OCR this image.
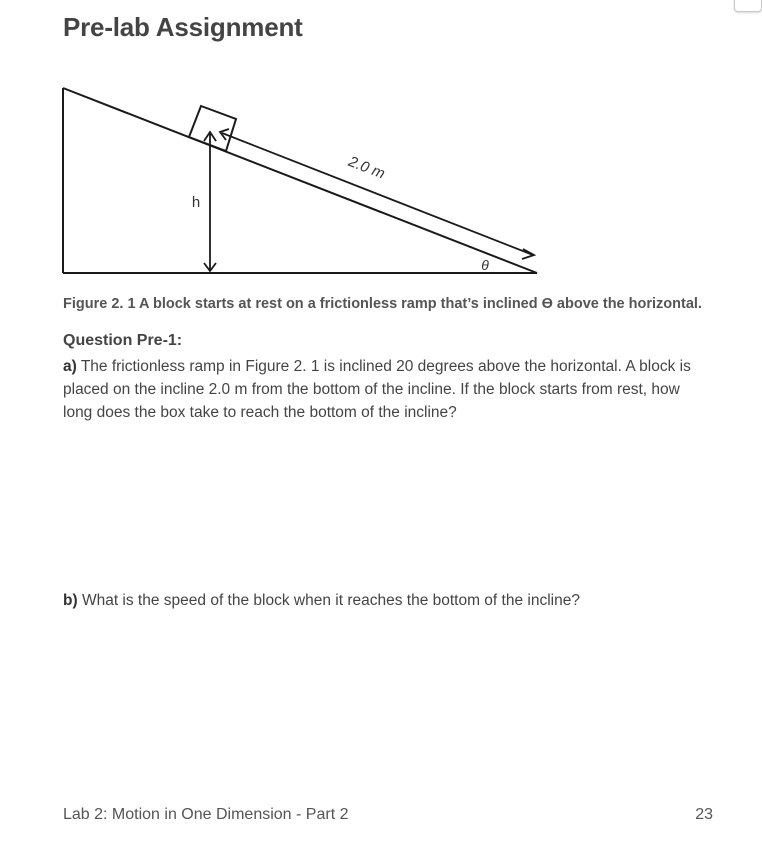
Pre-lab Assignment
2.0 m
h
θ
Figure 2. 1 A block starts at rest on a frictionless ramp that’s inclined ϴ above the horizontal.
Question Pre-1:
a) The frictionless ramp in Figure 2. 1 is inclined 20 degrees above the horizontal. A block is placed on the incline 2.0 m from the bottom of the incline. If the block starts from rest, how long does the box take to reach the bottom of the incline?
b) What is the speed of the block when it reaches the bottom of the incline?
Lab 2: Motion in One Dimension - Part 2	23
